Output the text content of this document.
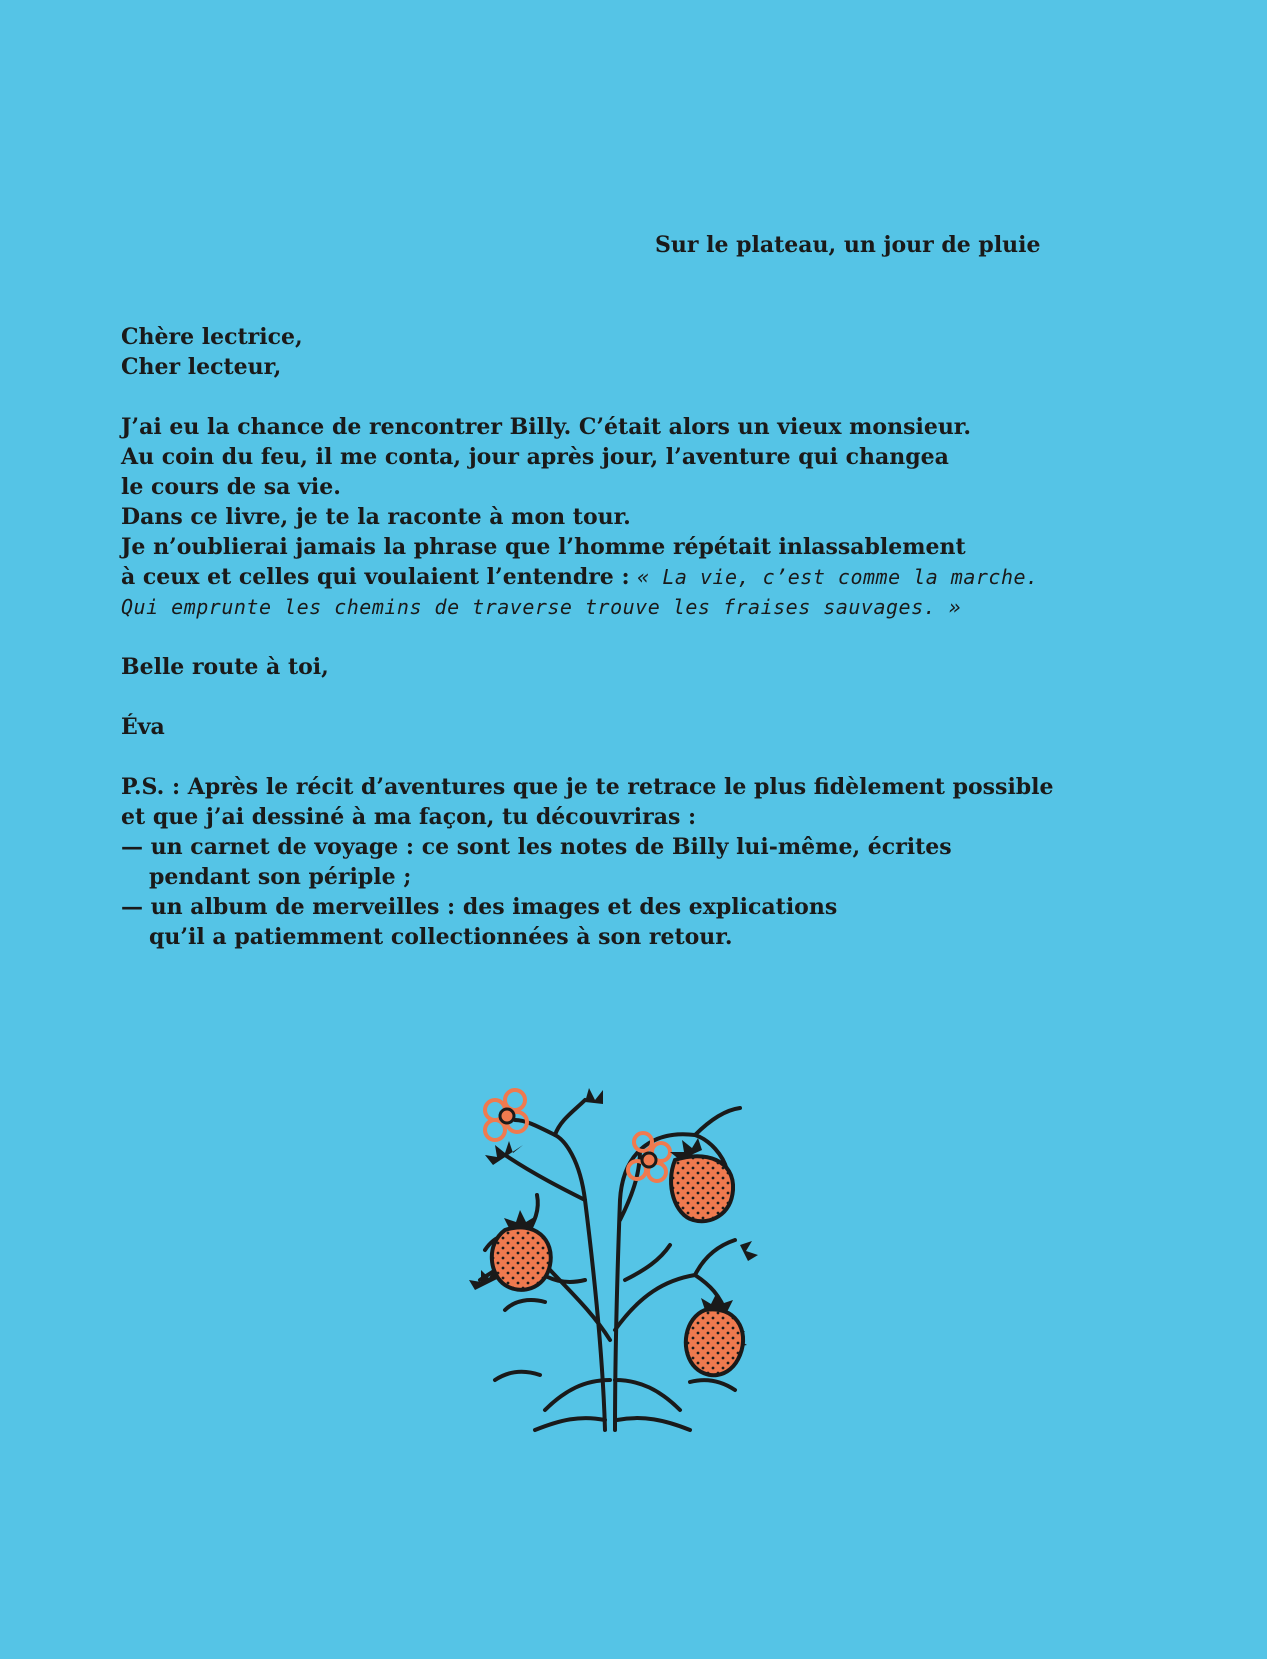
Sur le plateau, un jour de pluie

Chère lectrice,

Cher lecteur,

J’ai eu la chance de rencontrer Billy. C’était alors un vieux monsieur.

Au coin du feu, il me conta, jour après jour, l’aventure qui changea

le cours de sa vie.

Dans ce livre, je te la raconte à mon tour.

Je n’oublierai jamais la phrase que l’homme répétait inlassablement

à ceux et celles qui voulaient l’entendre : « La vie, c’est comme la marche.

Qui emprunte les chemins de traverse trouve les fraises sauvages. »

Belle route à toi,

Éva

P.S. : Après le récit d’aventures que je te retrace le plus fidèlement possible

et que j’ai dessiné à ma façon, tu découvriras :

— un carnet de voyage : ce sont les notes de Billy lui-même, écrites

pendant son périple ;

— un album de merveilles : des images et des explications

qu’il a patiemment collectionnées à son retour.
